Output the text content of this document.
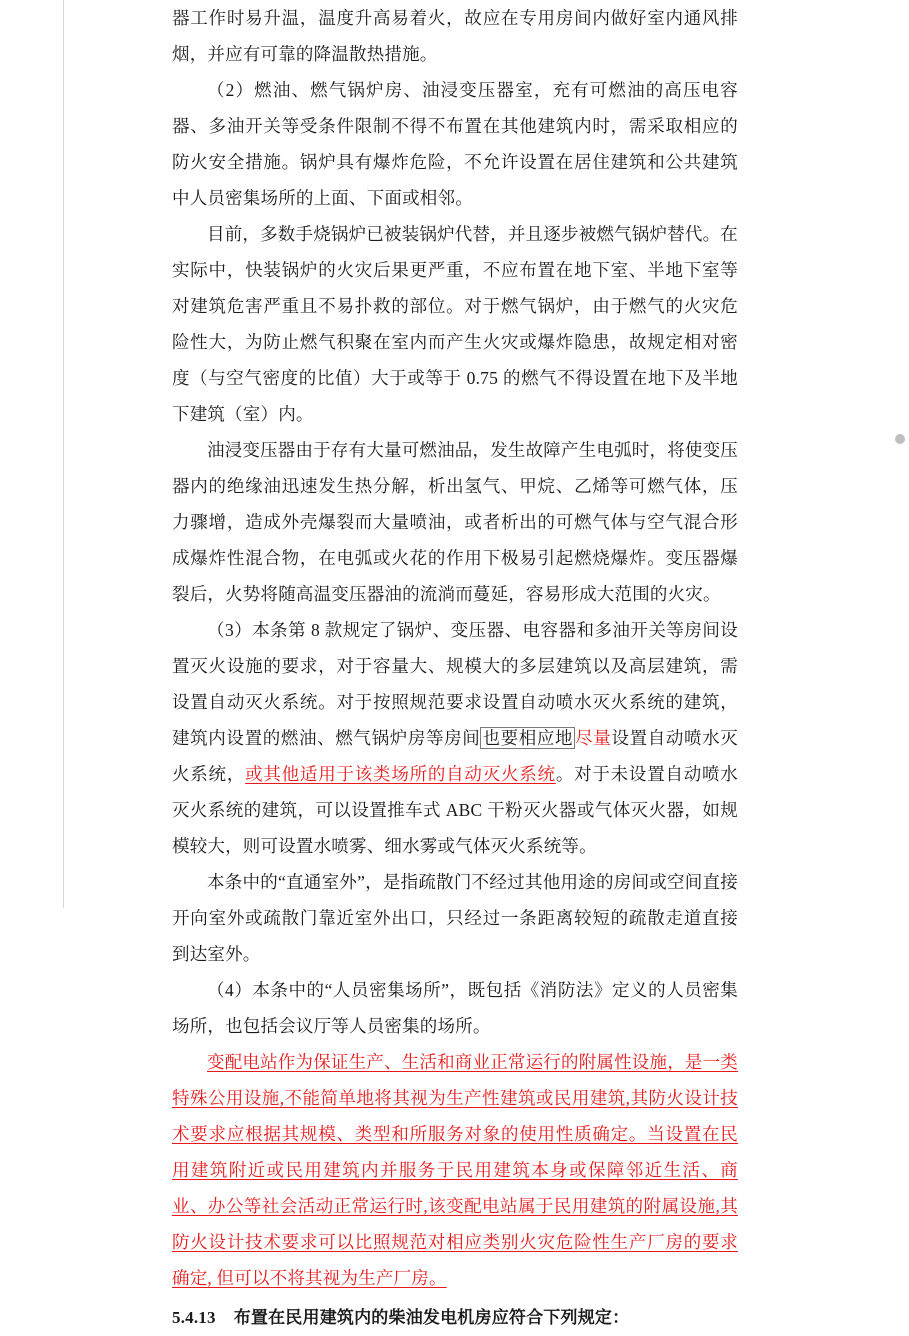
器工作时易升温，温度升高易着火，故应在专用房间内做好室内通风排烟，并应有可靠的降温散热措施。

（2）燃油、燃气锅炉房、油浸变压器室，充有可燃油的高压电容器、多油开关等受条件限制不得不布置在其他建筑内时，需采取相应的防火安全措施。锅炉具有爆炸危险，不允许设置在居住建筑和公共建筑中人员密集场所的上面、下面或相邻。

目前，多数手烧锅炉已被装锅炉代替，并且逐步被燃气锅炉替代。在实际中，快装锅炉的火灾后果更严重，不应布置在地下室、半地下室等对建筑危害严重且不易扑救的部位。对于燃气锅炉，由于燃气的火灾危险性大，为防止燃气积聚在室内而产生火灾或爆炸隐患，故规定相对密度（与空气密度的比值）大于或等于 0.75 的燃气不得设置在地下及半地下建筑（室）内。

油浸变压器由于存有大量可燃油品，发生故障产生电弧时，将使变压器内的绝缘油迅速发生热分解，析出氢气、甲烷、乙烯等可燃气体，压力骤增，造成外壳爆裂而大量喷油，或者析出的可燃气体与空气混合形成爆炸性混合物，在电弧或火花的作用下极易引起燃烧爆炸。变压器爆裂后，火势将随高温变压器油的流淌而蔓延，容易形成大范围的火灾。

（3）本条第 8 款规定了锅炉、变压器、电容器和多油开关等房间设置灭火设施的要求，对于容量大、规模大的多层建筑以及高层建筑，需设置自动灭火系统。对于按照规范要求设置自动喷水灭火系统的建筑，建筑内设置的燃油、燃气锅炉房等房间 也要相应地 尽量设置自动喷水灭火系统，或其他适用于该类场所的自动灭火系统。对于未设置自动喷水灭火系统的建筑，可以设置推车式 ABC 干粉灭火器或气体灭火器，如规模较大，则可设置水喷雾、细水雾或气体灭火系统等。

本条中的“直通室外”，是指疏散门不经过其他用途的房间或空间直接开向室外或疏散门靠近室外出口，只经过一条距离较短的疏散走道直接到达室外。

（4）本条中的“人员密集场所”，既包括《消防法》定义的人员密集场所，也包括会议厅等人员密集的场所。

变配电站作为保证生产、生活和商业正常运行的附属性设施，是一类特殊公用设施,不能简单地将其视为生产性建筑或民用建筑,其防火设计技术要求应根据其规模、类型和所服务对象的使用性质确定。当设置在民用建筑附近或民用建筑内并服务于民用建筑本身或保障邻近生活、商业、办公等社会活动正常运行时,该变配电站属于民用建筑的附属设施,其防火设计技术要求可以比照规范对相应类别火灾危险性生产厂房的要求确定, 但可以不将其视为生产厂房。

5.4.13 布置在民用建筑内的柴油发电机房应符合下列规定：
